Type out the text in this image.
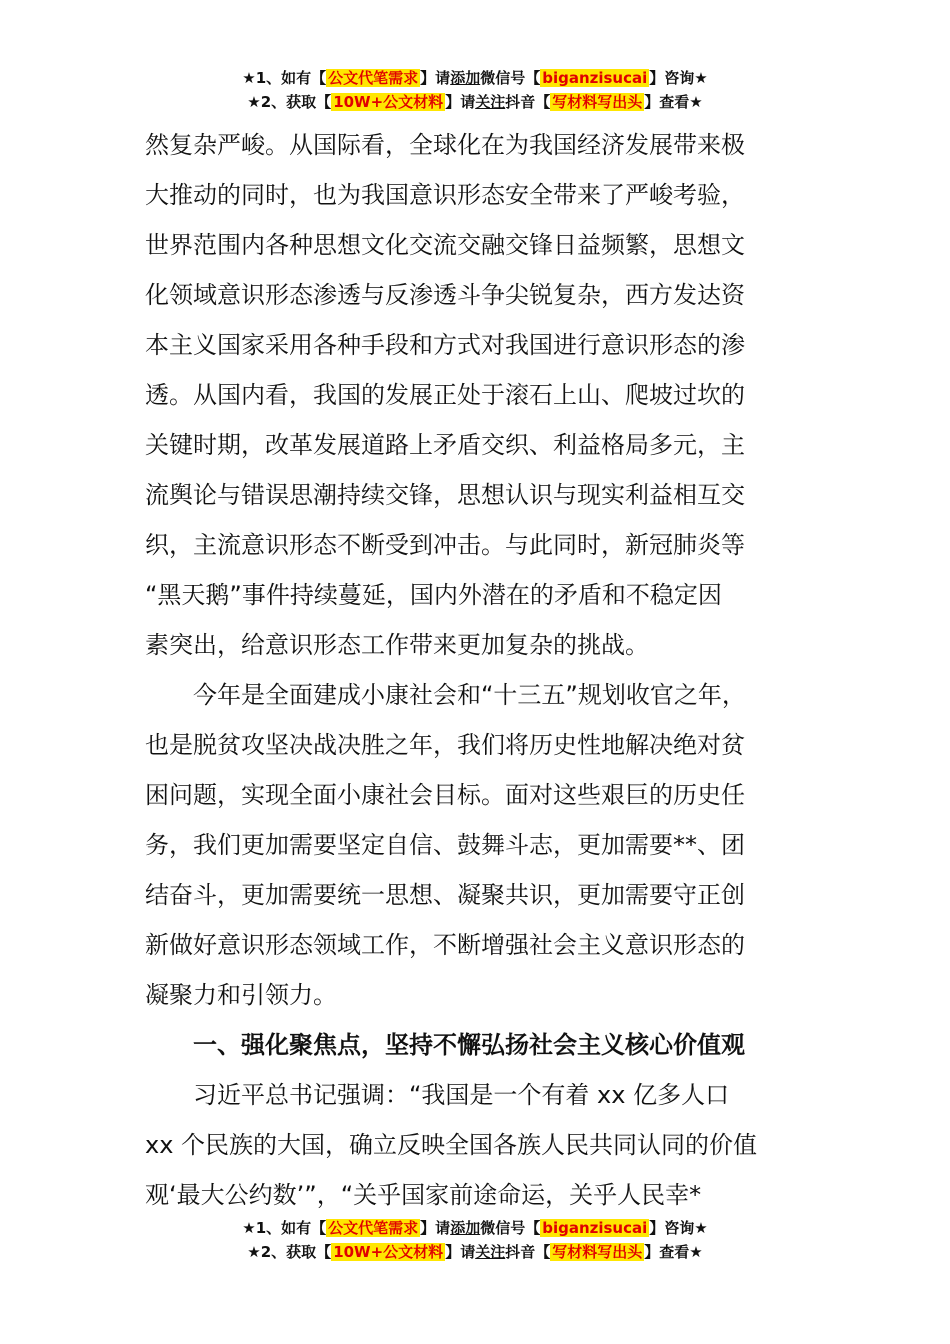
★1、如有【 公文代笔需求 】请添加微信号【 biganzisucai 】咨询★
★2、获取【 10W+公文材料 】请关注抖音【 写材料写出头 】查看★
然复杂严峻。从国际看，全球化在为我国经济发展带来极
大推动的同时，也为我国意识形态安全带来了严峻考验，
世界范围内各种思想文化交流交融交锋日益频繁，思想文
化领域意识形态渗透与反渗透斗争尖锐复杂，西方发达资
本主义国家采用各种手段和方式对我国进行意识形态的渗
透。从国内看，我国的发展正处于滚石上山、爬坡过坎的
关键时期，改革发展道路上矛盾交织、利益格局多元，主
流舆论与错误思潮持续交锋，思想认识与现实利益相互交
织，主流意识形态不断受到冲击。与此同时，新冠肺炎等
“黑天鹅”事件持续蔓延，国内外潜在的矛盾和不稳定因
素突出，给意识形态工作带来更加复杂的挑战。
　　今年是全面建成小康社会和“十三五”规划收官之年，
也是脱贫攻坚决战决胜之年，我们将历史性地解决绝对贫
困问题，实现全面小康社会目标。面对这些艰巨的历史任
务，我们更加需要坚定自信、鼓舞斗志，更加需要**、团
结奋斗，更加需要统一思想、凝聚共识，更加需要守正创
新做好意识形态领域工作，不断增强社会主义意识形态的
凝聚力和引领力。
　　一、强化聚焦点，坚持不懈弘扬社会主义核心价值观
　　习近平总书记强调：“我国是一个有着 xx 亿多人口
xx 个民族的大国，确立反映全国各族人民共同认同的价值
观‘最大公约数’”，“关乎国家前途命运，关乎人民幸*
★1、如有【 公文代笔需求 】请添加微信号【 biganzisucai 】咨询★
★2、获取【 10W+公文材料 】请关注抖音【 写材料写出头 】查看★
